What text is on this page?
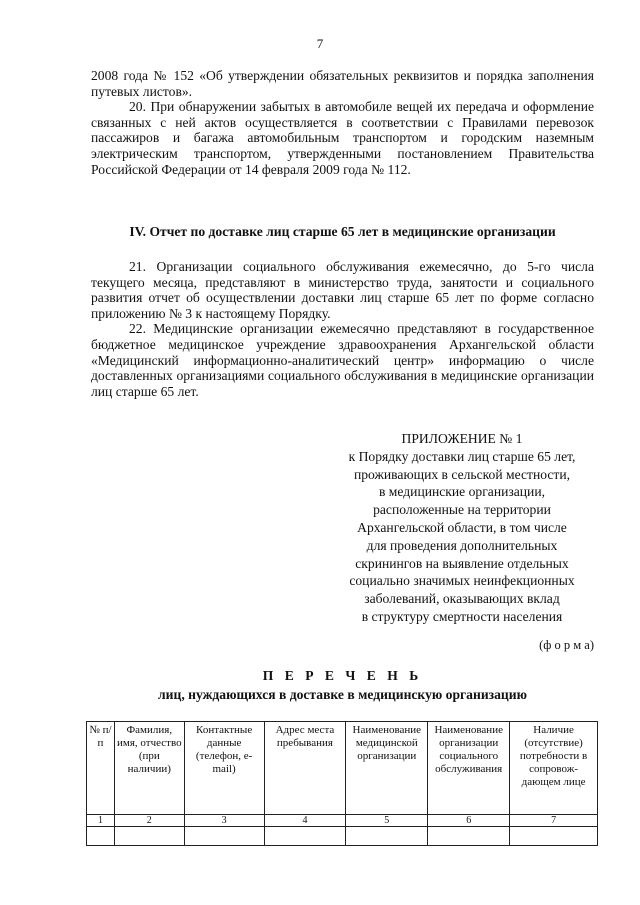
7

2008 года № 152 «Об утверждении обязательных реквизитов и порядка заполнения путевых листов».

20. При обнаружении забытых в автомобиле вещей их передача и оформление связанных с ней актов осуществляется в соответствии с Правилами перевозок пассажиров и багажа автомобильным транспортом и городским наземным электрическим транспортом, утвержденными постановлением Правительства Российской Федерации от 14 февраля 2009 года № 112.

IV. Отчет по доставке лиц старше 65 лет в медицинские организации

21. Организации социального обслуживания ежемесячно, до 5-го числа текущего месяца, представляют в министерство труда, занятости и социального развития отчет об осуществлении доставки лиц старше 65 лет по форме согласно приложению № 3 к настоящему Порядку.

22. Медицинские организации ежемесячно представляют в государственное бюджетное медицинское учреждение здравоохранения Архангельской области «Медицинский информационно-аналитический центр» информацию о числе доставленных организациями социального обслуживания в медицинские организации лиц старше 65 лет.

ПРИЛОЖЕНИЕ № 1
к Порядку доставки лиц старше 65 лет,
проживающих в сельской местности,
в медицинские организации,
расположенные на территории
Архангельской области, в том числе
для проведения дополнительных
скринингов на выявление отдельных
социально значимых неинфекционных
заболеваний, оказывающих вклад
в структуру смертности населения
(ф о р м а)
П Е Р Е Ч Е Н Ь
лиц, нуждающихся в доставке в медицинскую организацию
№ п/п	Фамилия, имя, отчество (при наличии)	Контактные данные (телефон, e-mail)	Адрес места пребывания	Наименование медицинской организации	Наименование организации социального обслуживания	Наличие (отсутствие) потребности в сопровож-дающем лице
1	2	3	4	5	6	7
